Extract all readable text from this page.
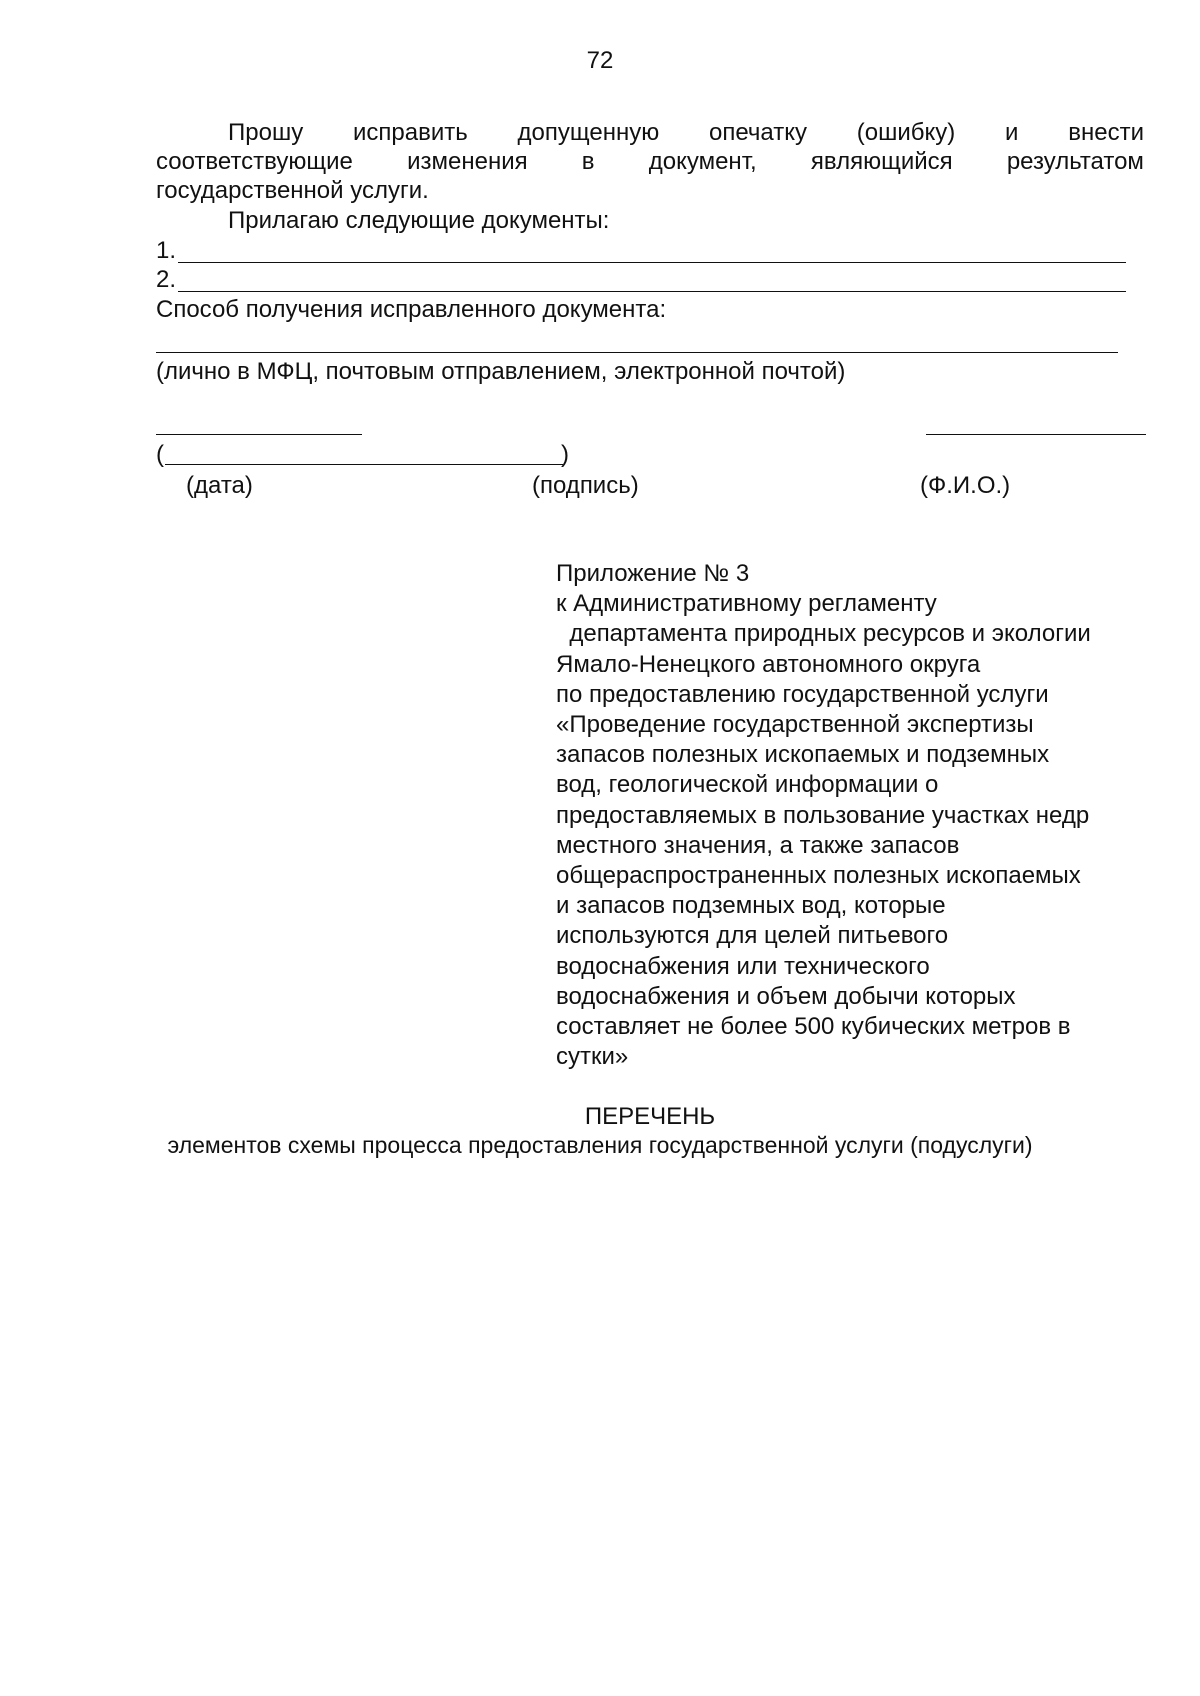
72
Прошу исправить допущенную опечатку (ошибку) и внести
соответствующие изменения в документ, являющийся результатом
государственной услуги.
Прилагаю следующие документы:
1.
2.
Способ получения исправленного документа:
(лично в МФЦ, почтовым отправлением, электронной почтой)
(	)
(дата)	(подпись)	(Ф.И.О.)
Приложение № 3
к Административному регламенту
департамента природных ресурсов и экологии
Ямало-Ненецкого автономного округа
по предоставлению государственной услуги
«Проведение государственной экспертизы
запасов полезных ископаемых и подземных
вод, геологической информации о
предоставляемых в пользование участках недр
местного значения, а также запасов
общераспространенных полезных ископаемых
и запасов подземных вод, которые
используются для целей питьевого
водоснабжения или технического
водоснабжения и объем добычи которых
составляет не более 500 кубических метров в
сутки»
ПЕРЕЧЕНЬ
элементов схемы процесса предоставления государственной услуги (подуслуги)
